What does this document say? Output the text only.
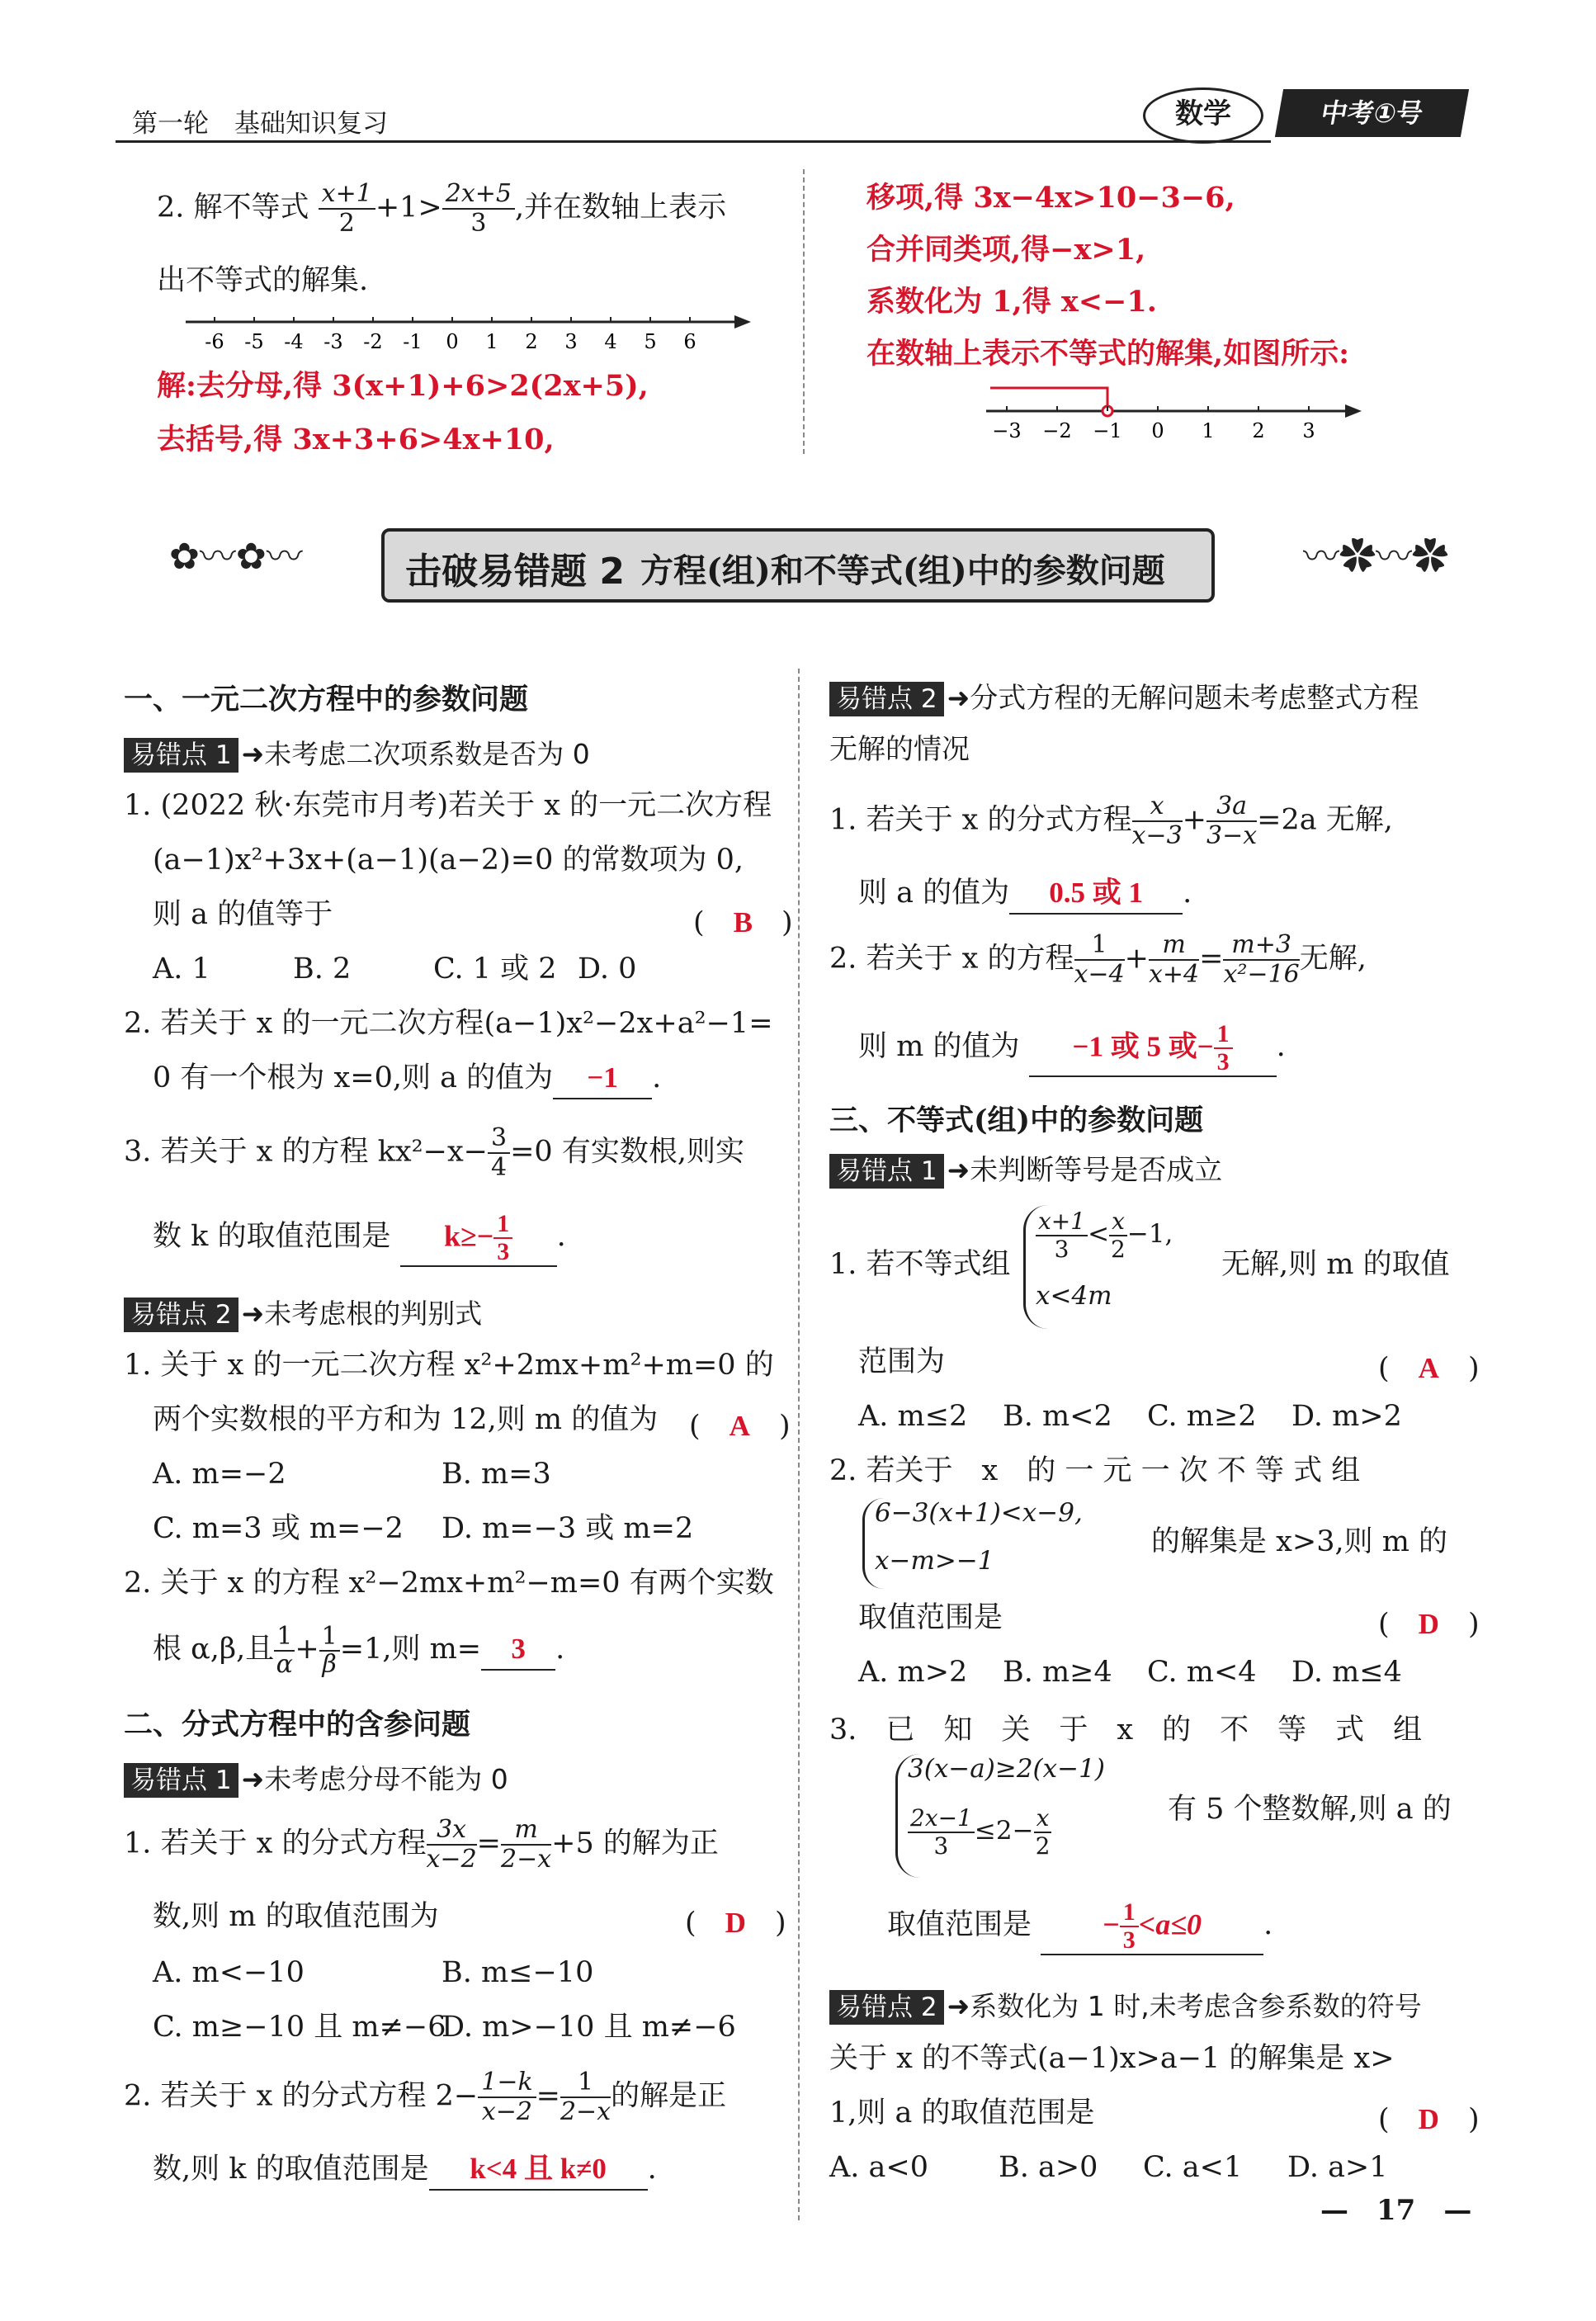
第一轮　基础知识复习	数学	中考①号
2. 解不等式 $\frac{x+1}{2} +1> \frac{2x+5}{3}$ ,并在数轴上表示
出不等式的解集.
-6 -5 -4 -3 -2 -1 0 1 2 3 4 5 6
解:去分母,得 3(x+1)+6>2(2x+5),
去括号,得 3x+3+6>4x+10,
移项,得 3x−4x>10−3−6,
合并同类项,得−x>1,
系数化为 1,得 x<−1.
在数轴上表示不等式的解集,如图所示:
−3 −2 −1 0 1 2 3
✿〰✿〰	〰✿〰✿
击破易错题 2 方程(组)和不等式(组)中的参数问题
一、一元二次方程中的参数问题
易错点 1 ➜未考虑二次项系数是否为 0
1. (2022 秋·东莞市月考)若关于 x 的一元二次方程
(a−1)x²+3x+(a−1)(a−2)=0 的常数项为 0,
则 a 的值等于	(　B　)
A. 1	B. 2	C. 1 或 2 D. 0
2. 若关于 x 的一元二次方程(a−1)x²−2x+a²−1=
0 有一个根为 x=0,则 a 的值为 −1 .
3. 若关于 x 的方程 $kx^2-x- \frac{3}{4} =0$ 有实数根,则实
数 k 的取值范围是 $k\ge- \frac{1}{3}$ .
易错点 2 ➜未考虑根的判别式
1. 关于 x 的一元二次方程 x²+2mx+m²+m=0 的
两个实数根的平方和为 12,则 m 的值为 (　A　)
A. m=−2	B. m=3
C. m=3 或 m=−2 D. m=−3 或 m=2
2. 关于 x 的方程 x²−2mx+m²−m=0 有两个实数
根 α,β,且 $\frac{1}{\alpha} + \frac{1}{\beta} =1$,则 m= 3 .
二、分式方程中的含参问题
易错点 1 ➜未考虑分母不能为 0
1. 若关于 x 的分式方程 $\frac{3x}{x-2} = \frac{m}{2-x} +5$ 的解为正
数,则 m 的取值范围为	(　D　)
A. m<−10	B. m≤−10
C. m≥−10 且 m≠−6D. m>−10 且 m≠−6
2. 若关于 x 的分式方程 $2- \frac{1-k}{x-2} = \frac{1}{2-x}$ 的解是正
数,则 k 的取值范围是 k<4 且 k≠0 .
易错点 2 ➜分式方程的无解问题未考虑整式方程
无解的情况
1. 若关于 x 的分式方程 $\frac{x}{x-3} + \frac{3a}{3-x} =2a$ 无解,
则 a 的值为 0.5 或 1 .
2. 若关于 x 的方程 $\frac{1}{x-4} + \frac{m}{x+4} = \frac{m+3}{\text{x²−16}}$ 无解,
则 m 的值为 −1 或 5 或− $\frac{1}{3}$ .
三、不等式(组)中的参数问题
易错点 1 ➜未判断等号是否成立
1. 若不等式组
$\frac{x+1}{3} < \frac{x}{2} -1$,
x<4m
无解,则 m 的取值
范围为	(　A　)
A. m≤2 B. m<2 C. m≥2 D. m>2
2. 若关于　x　的 一 元 一 次 不 等 式 组
6−3(x+1)<x−9,
x−m>−1
的解集是 x>3,则 m 的
取值范围是	(　D　)
A. m>2 B. m≥4 C. m<4 D. m≤4
3.　已　知　关　于　x　的　不　等　式　组
3(x−a)≥2(x−1)
$\frac{2x-1}{3} \le 2- \frac{x}{2}$	有 5 个整数解,则 a 的
取值范围是 − $\frac{1}{3} <a\le 0$ .
易错点 2 ➜系数化为 1 时,未考虑含参系数的符号
关于 x 的不等式(a−1)x>a−1 的解集是 x>
1,则 a 的取值范围是	(　D　)
A. a<0 B. a>0 C. a<1 D. a>1
—　17　—
